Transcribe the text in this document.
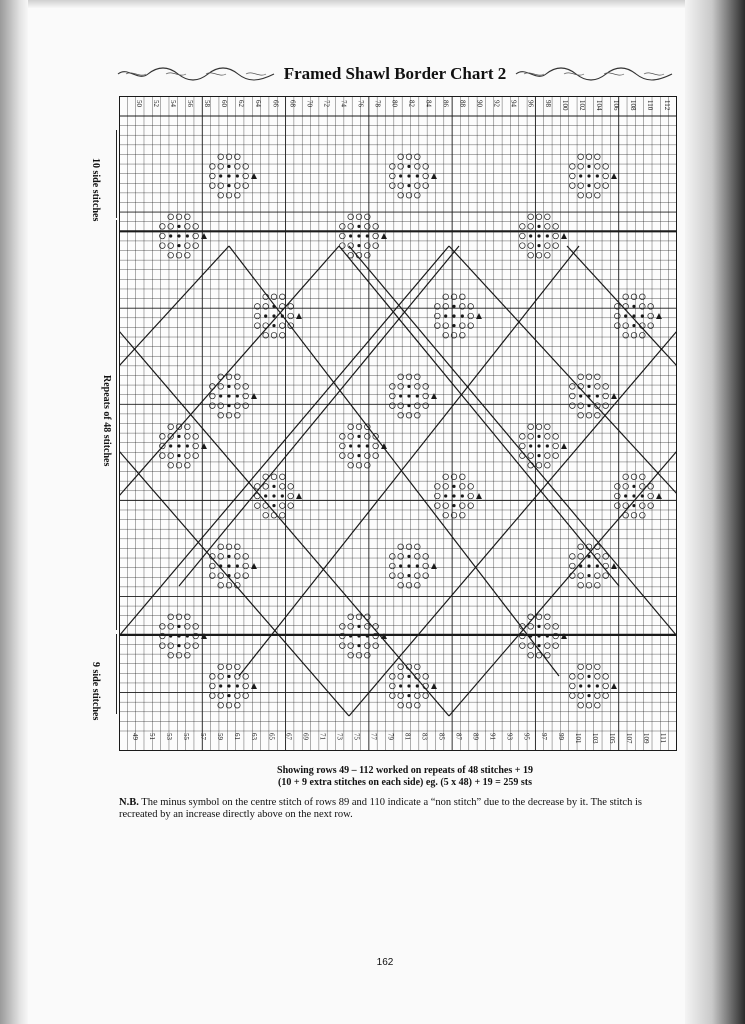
Framed Shawl Border Chart 2
10 side stitches
Repeats of 48 stitches
9 side stitches
50 52 54 56 58 60 62 64 66 68 70 72 74 76 78 80 82 84 86 88 90 92 94 96 98 100 102 104 106 108 110 112
49 51 53 55 57 59 61 63 65 67 69 71 73 75 77 79 81 83 85 87 89 91 93 95 97 99 101 103 105 107 109 111
Showing rows 49 – 112 worked on repeats of 48 stitches + 19
(10 + 9 extra stitches on each side) eg. (5 x 48) + 19 = 259 sts
N.B. The minus symbol on the centre stitch of rows 89 and 110 indicate a “non stitch” due to the decrease by it. The stitch is recreated by an increase directly above on the next row.
162
